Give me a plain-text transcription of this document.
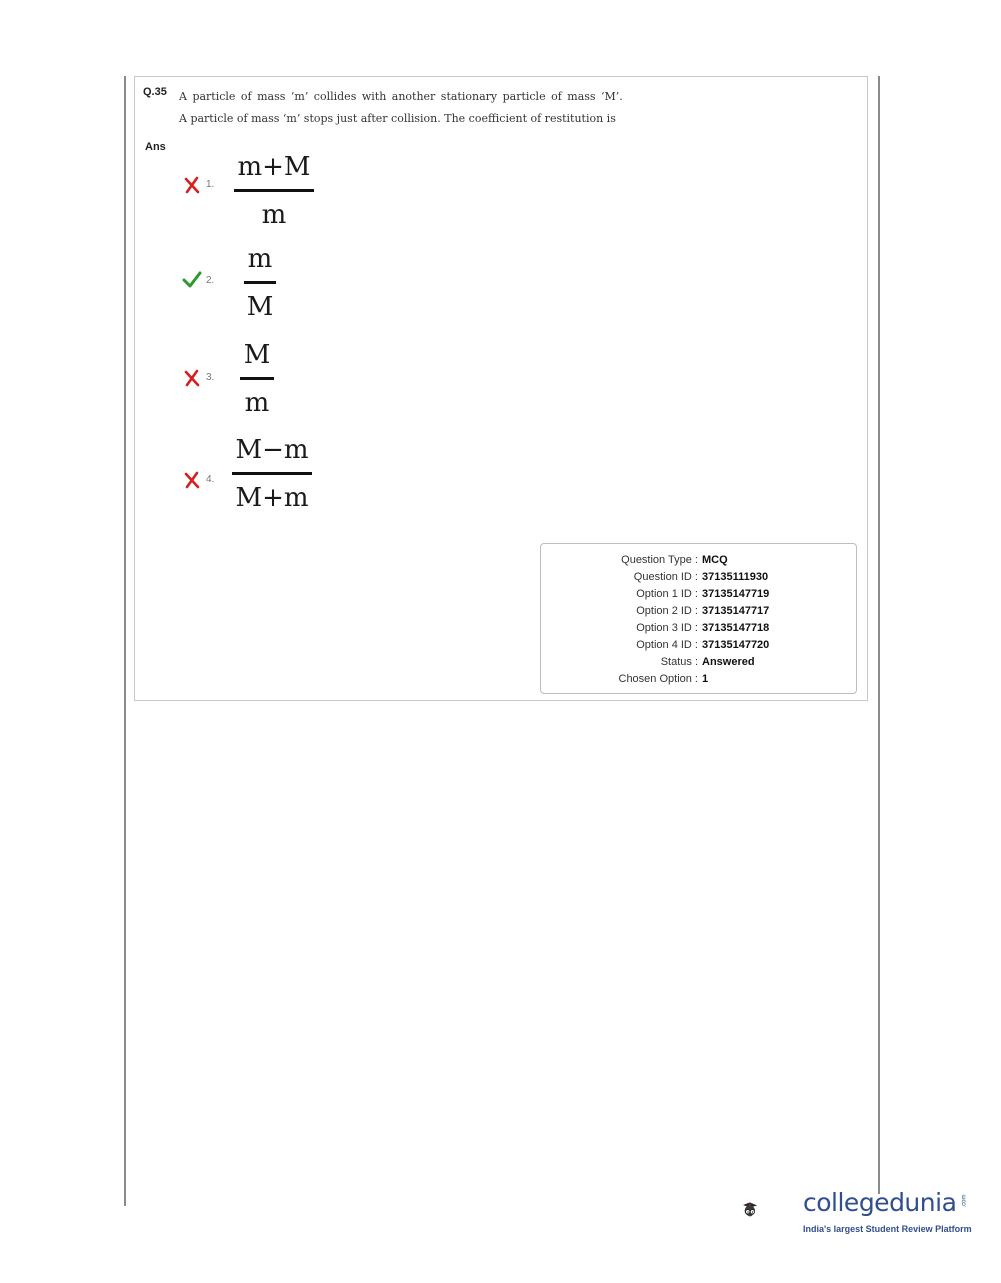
Q.35 A particle of mass ‘m’ collides with another stationary particle of mass ‘M’.
A particle of mass ‘m’ stops just after collision. The coefficient of restitution is
Ans
1.
m+M
m
2.
m
M
3.
M
m
4.
M−m
M+m
Question Type : MCQ
Question ID : 37135111930
Option 1 ID : 37135147719
Option 2 ID : 37135147717
Option 3 ID : 37135147718
Option 4 ID : 37135147720
Status : Answered
Chosen Option : 1
collegedunia .com
India's largest Student Review Platform
